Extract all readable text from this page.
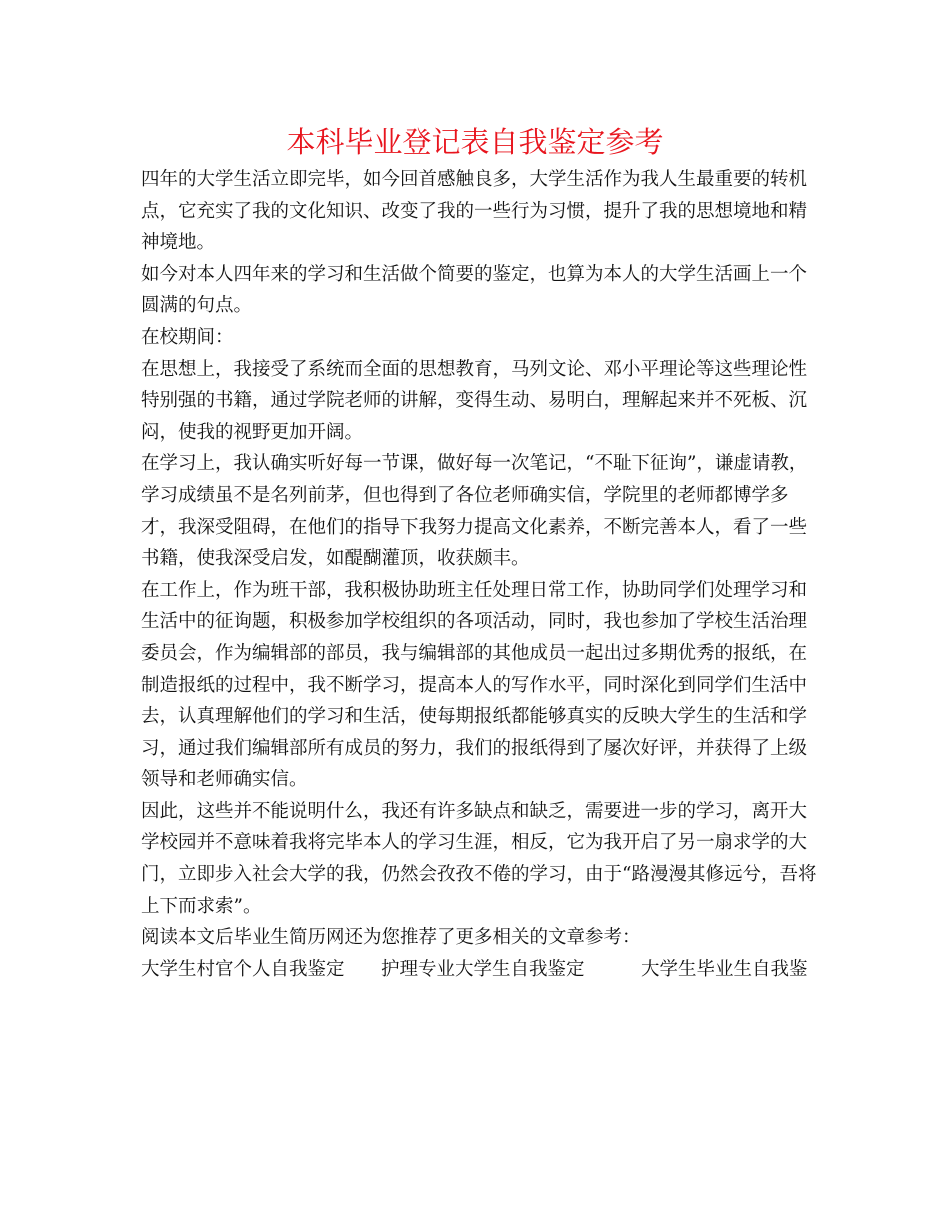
本科毕业登记表自我鉴定参考

四年的大学生活立即完毕，如今回首感触良多，大学生活作为我人生最重要的转机点，它充实了我的文化知识、改变了我的一些行为习惯，提升了我的思想境地和精神境地。

如今对本人四年来的学习和生活做个简要的鉴定，也算为本人的大学生活画上一个圆满的句点。

在校期间：

在思想上，我接受了系统而全面的思想教育，马列文论、邓小平理论等这些理论性特别强的书籍，通过学院老师的讲解，变得生动、易明白，理解起来并不死板、沉闷，使我的视野更加开阔。

在学习上，我认确实听好每一节课，做好每一次笔记，“不耻下征询”，谦虚请教，学习成绩虽不是名列前茅，但也得到了各位老师确实信，学院里的老师都博学多才，我深受阻碍，在他们的指导下我努力提高文化素养，不断完善本人，看了一些书籍，使我深受启发，如醍醐灌顶，收获颇丰。

在工作上，作为班干部，我积极协助班主任处理日常工作，协助同学们处理学习和生活中的征询题，积极参加学校组织的各项活动，同时，我也参加了学校生活治理委员会，作为编辑部的部员，我与编辑部的其他成员一起出过多期优秀的报纸，在制造报纸的过程中，我不断学习，提高本人的写作水平，同时深化到同学们生活中去，认真理解他们的学习和生活，使每期报纸都能够真实的反映大学生的生活和学习，通过我们编辑部所有成员的努力，我们的报纸得到了屡次好评，并获得了上级领导和老师确实信。

因此，这些并不能说明什么，我还有许多缺点和缺乏，需要进一步的学习，离开大学校园并不意味着我将完毕本人的学习生涯，相反，它为我开启了另一扇求学的大门，立即步入社会大学的我，仍然会孜孜不倦的学习，由于“路漫漫其修远兮，吾将上下而求索”。

阅读本文后毕业生简历网还为您推荐了更多相关的文章参考：

大学生村官个人自我鉴定 护理专业大学生自我鉴定	大学生毕业生自我鉴
